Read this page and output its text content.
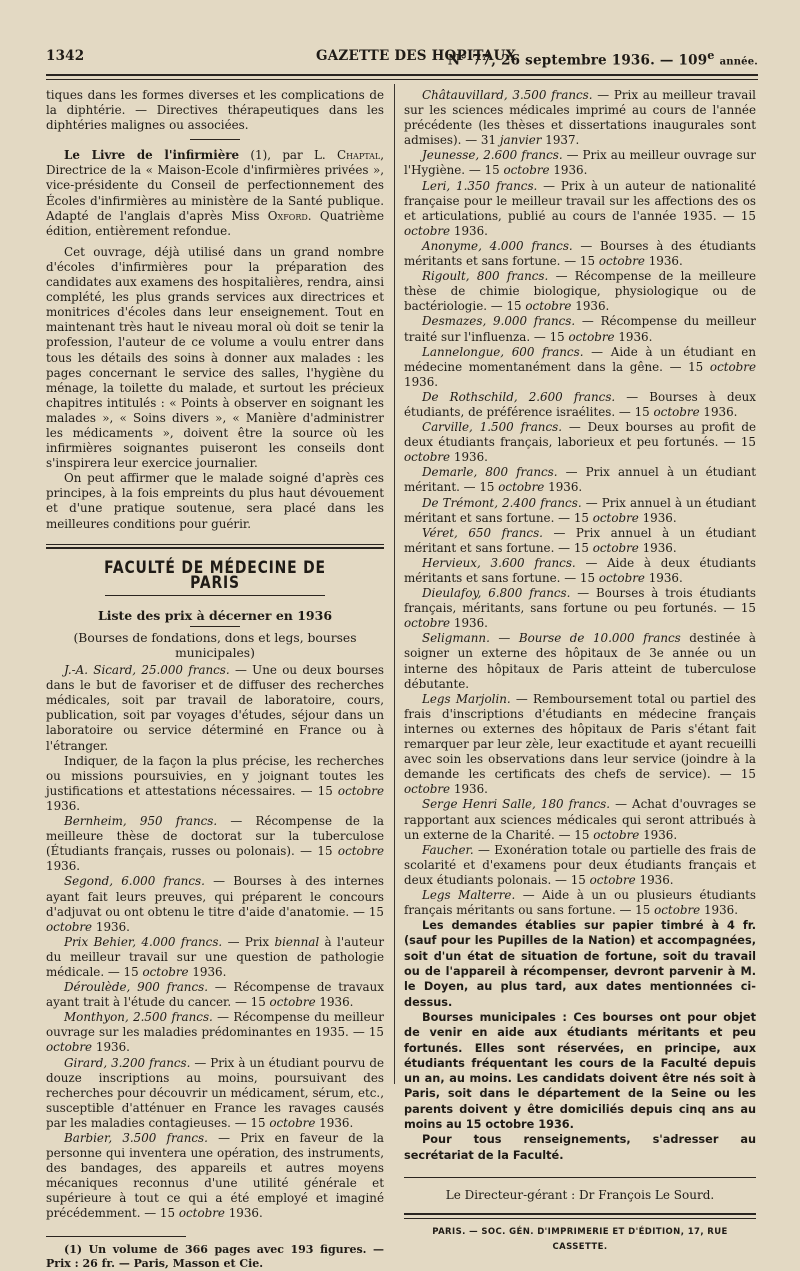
1342	GAZETTE DES HOPITAUX
N° 77, 26 septembre 1936. — 109e année.

tiques dans les formes diverses et les complications de la diphtérie. — Directives thérapeutiques dans les diphtéries malignes ou associées.

Le Livre de l'infirmière (1), par L. Chaptal, Directrice de la « Maison-Ecole d'infirmières privées », vice-présidente du Conseil de perfectionnement des Écoles d'infirmières au ministère de la Santé publique. Adapté de l'anglais d'après Miss Oxford. Quatrième édition, entièrement refondue.

Cet ouvrage, déjà utilisé dans un grand nombre d'écoles d'infirmières pour la préparation des candidates aux examens des hospitalières, rendra, ainsi complété, les plus grands services aux directrices et monitrices d'écoles dans leur enseignement. Tout en maintenant très haut le niveau moral où doit se tenir la profession, l'auteur de ce volume a voulu entrer dans tous les détails des soins à donner aux malades : les pages concernant le service des salles, l'hygiène du ménage, la toilette du malade, et surtout les précieux chapitres intitulés : « Points à observer en soignant les malades », « Soins divers », « Manière d'administrer les médicaments », doivent être la source où les infirmières soignantes puiseront les conseils dont s'inspirera leur exercice journalier.

On peut affirmer que le malade soigné d'après ces principes, à la fois empreints du plus haut dévouement et d'une pratique soutenue, sera placé dans les meilleures conditions pour guérir.

FACULTÉ DE MÉDECINE DE PARIS
Liste des prix à décerner en 1936
(Bourses de fondations, dons et legs, bourses municipales)

J.-A. Sicard, 25.000 francs. — Une ou deux bourses dans le but de favoriser et de diffuser des recherches médicales, soit par travail de laboratoire, cours, publication, soit par voyages d'études, séjour dans un laboratoire ou service déterminé en France ou à l'étranger.

Indiquer, de la façon la plus précise, les recherches ou missions poursuivies, en y joignant toutes les justifications et attestations nécessaires. — 15 octobre 1936.

Bernheim, 950 francs. — Récompense de la meilleure thèse de doctorat sur la tuberculose (Étudiants français, russes ou polonais). — 15 octobre 1936.

Segond, 6.000 francs. — Bourses à des internes ayant fait leurs preuves, qui préparent le concours d'adjuvat ou ont obtenu le titre d'aide d'anatomie. — 15 octobre 1936.

Prix Behier, 4.000 francs. — Prix biennal à l'auteur du meilleur travail sur une question de pathologie médicale. — 15 octobre 1936.

Déroulède, 900 francs. — Récompense de travaux ayant trait à l'étude du cancer. — 15 octobre 1936.

Monthyon, 2.500 francs. — Récompense du meilleur ouvrage sur les maladies prédominantes en 1935. — 15 octobre 1936.

Girard, 3.200 francs. — Prix à un étudiant pourvu de douze inscriptions au moins, poursuivant des recherches pour découvrir un médicament, sérum, etc., susceptible d'atténuer en France les ravages causés par les maladies contagieuses. — 15 octobre 1936.

Barbier, 3.500 francs. — Prix en faveur de la personne qui inventera une opération, des instruments, des bandages, des appareils et autres moyens mécaniques reconnus d'une utilité générale et supérieure à tout ce qui a été employé et imaginé précédemment. — 15 octobre 1936.

(1) Un volume de 366 pages avec 193 figures. — Prix : 26 fr. — Paris, Masson et Cie.

Châtauvillard, 3.500 francs. — Prix au meilleur travail sur les sciences médicales imprimé au cours de l'année précédente (les thèses et dissertations inaugurales sont admises). — 31 janvier 1937.

Jeunesse, 2.600 francs. — Prix au meilleur ouvrage sur l'Hygiène. — 15 octobre 1936.

Leri, 1.350 francs. — Prix à un auteur de nationalité française pour le meilleur travail sur les affections des os et articulations, publié au cours de l'année 1935. — 15 octobre 1936.

Anonyme, 4.000 francs. — Bourses à des étudiants méritants et sans fortune. — 15 octobre 1936.

Rigoult, 800 francs. — Récompense de la meilleure thèse de chimie biologique, physiologique ou de bactériologie. — 15 octobre 1936.

Desmazes, 9.000 francs. — Récompense du meilleur traité sur l'influenza. — 15 octobre 1936.

Lannelongue, 600 francs. — Aide à un étudiant en médecine momentanément dans la gêne. — 15 octobre 1936.

De Rothschild, 2.600 francs. — Bourses à deux étudiants, de préférence israélites. — 15 octobre 1936.

Carville, 1.500 francs. — Deux bourses au profit de deux étudiants français, laborieux et peu fortunés. — 15 octobre 1936.

Demarle, 800 francs. — Prix annuel à un étudiant méritant. — 15 octobre 1936.

De Trémont, 2.400 francs. — Prix annuel à un étudiant méritant et sans fortune. — 15 octobre 1936.

Véret, 650 francs. — Prix annuel à un étudiant méritant et sans fortune. — 15 octobre 1936.

Hervieux, 3.600 francs. — Aide à deux étudiants méritants et sans fortune. — 15 octobre 1936.

Dieulafoy, 6.800 francs. — Bourses à trois étudiants français, méritants, sans fortune ou peu fortunés. — 15 octobre 1936.

Seligmann. — Bourse de 10.000 francs destinée à soigner un externe des hôpitaux de 3e année ou un interne des hôpitaux de Paris atteint de tuberculose débutante.

Legs Marjolin. — Remboursement total ou partiel des frais d'inscriptions d'étudiants en médecine français internes ou externes des hôpitaux de Paris s'étant fait remarquer par leur zèle, leur exactitude et ayant recueilli avec soin les observations dans leur service (joindre à la demande les certificats des chefs de service). — 15 octobre 1936.

Serge Henri Salle, 180 francs. — Achat d'ouvrages se rapportant aux sciences médicales qui seront attribués à un externe de la Charité. — 15 octobre 1936.

Faucher. — Exonération totale ou partielle des frais de scolarité et d'examens pour deux étudiants français et deux étudiants polonais. — 15 octobre 1936.

Legs Malterre. — Aide à un ou plusieurs étudiants français méritants ou sans fortune. — 15 octobre 1936.

Les demandes établies sur papier timbré à 4 fr. (sauf pour les Pupilles de la Nation) et accompagnées, soit d'un état de situation de fortune, soit du travail ou de l'appareil à récompenser, devront parvenir à M. le Doyen, au plus tard, aux dates mentionnées ci-dessus.

Bourses municipales : Ces bourses ont pour objet de venir en aide aux étudiants méritants et peu fortunés. Elles sont réservées, en principe, aux étudiants fréquentant les cours de la Faculté depuis un an, au moins. Les candidats doivent être nés soit à Paris, soit dans le département de la Seine ou les parents doivent y être domiciliés depuis cinq ans au moins au 15 octobre 1936.

Pour tous renseignements, s'adresser au secrétariat de la Faculté.

Le Directeur-gérant : Dr François Le Sourd.
PARIS. — SOC. GÉN. D'IMPRIMERIE ET D'ÉDITION, 17, RUE CASSETTE.
